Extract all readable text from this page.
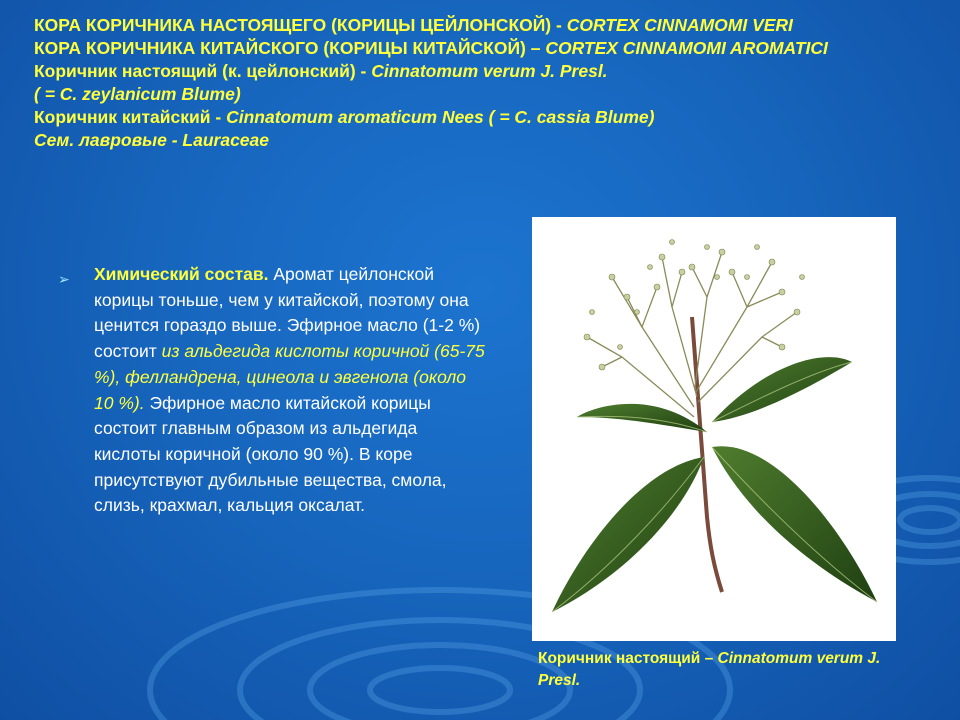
КОРА КОРИЧНИКА НАСТОЯЩЕГО (КОРИЦЫ ЦЕЙЛОНСКОЙ) - CORTEX CINNAMOMI VERI
КОРА КОРИЧНИКА КИТАЙСКОГО (КОРИЦЫ КИТАЙСКОЙ) – CORTEX CINNAMOMI AROMATICI
Коричник настоящий (к. цейлонский) - Cinnatomum verum J. Presl.
( = C. zeylanicum Blume)
Коричник китайский - Cinnatomum aromaticum Nees ( = C. cassia Blume)
Сем. лавровые - Lauraceae
➢ Химический состав. Аромат цейлонской корицы тоньше, чем у китайской, поэтому она ценится гораздо выше. Эфирное масло (1-2 %) состоит из альдегида кислоты коричной (65-75 %), фелландрена, цинеола и эвгенола (около 10 %). Эфирное масло китайской корицы состоит главным образом из альдегида кислоты коричной (около 90 %). В коре присутствуют дубильные вещества, смола, слизь, крахмал, кальция оксалат.
Коричник настоящий – Cinnatomum verum J. Presl.
